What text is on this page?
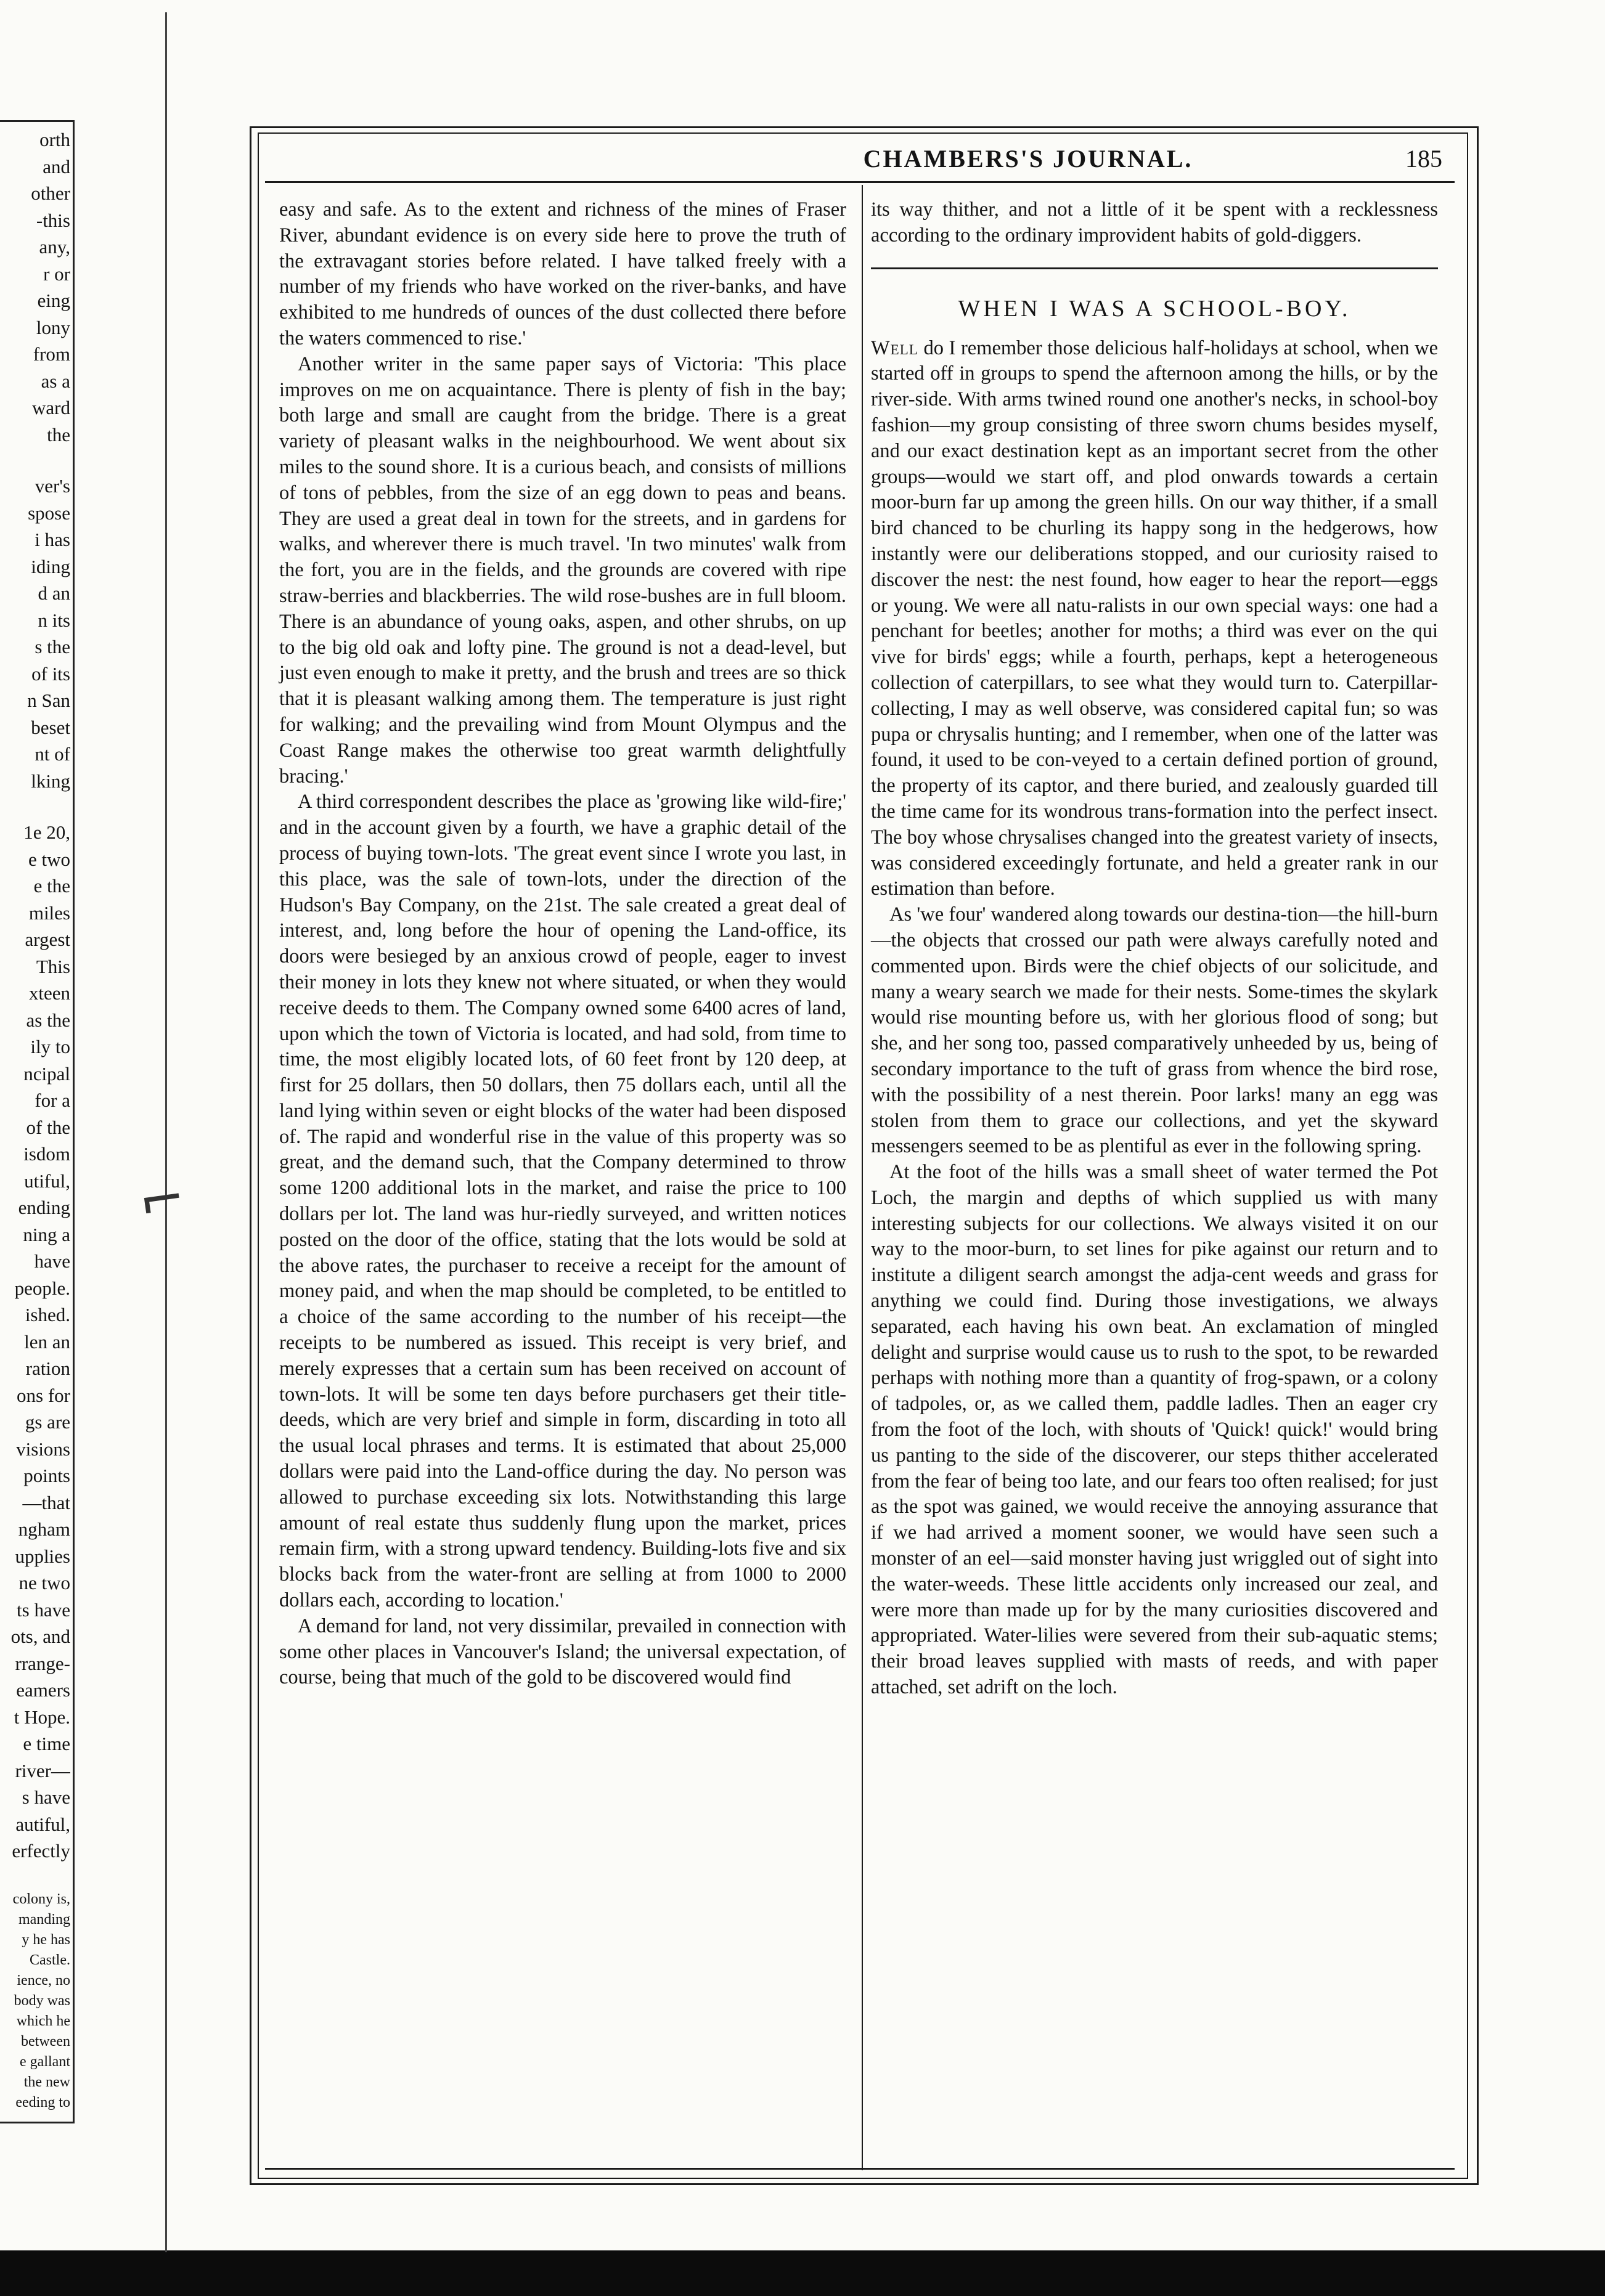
orth
and
other
-this
any,
r or
eing
lony
from
as a
ward
the
ver's
spose
i has
iding
d an
n its
s the
of its
n San
beset
nt of
lking
1e 20,
e two
e the
miles
argest
This
xteen
as the
ily to
ncipal
for a
of the
isdom
utiful,
ending
ning a
have
people.
ished.
len an
ration
ons for
gs are
visions
points
—that
ngham
upplies
ne two
ts have
ots, and
rrange-
eamers
t Hope.
e time
river—
s have
autiful,
erfectly
colony is,
manding
y he has
Castle.
ience, no
body was
which he
between
e gallant
the new
eeding to
⌐
CHAMBERS'S JOURNAL.	185

easy and safe. As to the extent and richness of the mines of Fraser River, abundant evidence is on every side here to prove the truth of the extravagant stories before related. I have talked freely with a number of my friends who have worked on the river-banks, and have exhibited to me hundreds of ounces of the dust collected there before the waters commenced to rise.'

Another writer in the same paper says of Victoria: 'This place improves on me on acquaintance. There is plenty of fish in the bay; both large and small are caught from the bridge. There is a great variety of pleasant walks in the neighbourhood. We went about six miles to the sound shore. It is a curious beach, and consists of millions of tons of pebbles, from the size of an egg down to peas and beans. They are used a great deal in town for the streets, and in gardens for walks, and wherever there is much travel. 'In two minutes' walk from the fort, you are in the fields, and the grounds are covered with ripe straw-berries and blackberries. The wild rose-bushes are in full bloom. There is an abundance of young oaks, aspen, and other shrubs, on up to the big old oak and lofty pine. The ground is not a dead-level, but just even enough to make it pretty, and the brush and trees are so thick that it is pleasant walking among them. The temperature is just right for walking; and the prevailing wind from Mount Olympus and the Coast Range makes the otherwise too great warmth delightfully bracing.'

A third correspondent describes the place as 'growing like wild-fire;' and in the account given by a fourth, we have a graphic detail of the process of buying town-lots. 'The great event since I wrote you last, in this place, was the sale of town-lots, under the direction of the Hudson's Bay Company, on the 21st. The sale created a great deal of interest, and, long before the hour of opening the Land-office, its doors were besieged by an anxious crowd of people, eager to invest their money in lots they knew not where situated, or when they would receive deeds to them. The Company owned some 6400 acres of land, upon which the town of Victoria is located, and had sold, from time to time, the most eligibly located lots, of 60 feet front by 120 deep, at first for 25 dollars, then 50 dollars, then 75 dollars each, until all the land lying within seven or eight blocks of the water had been disposed of. The rapid and wonderful rise in the value of this property was so great, and the demand such, that the Company determined to throw some 1200 additional lots in the market, and raise the price to 100 dollars per lot. The land was hur-riedly surveyed, and written notices posted on the door of the office, stating that the lots would be sold at the above rates, the purchaser to receive a receipt for the amount of money paid, and when the map should be completed, to be entitled to a choice of the same according to the number of his receipt—the receipts to be numbered as issued. This receipt is very brief, and merely expresses that a certain sum has been received on account of town-lots. It will be some ten days before purchasers get their title-deeds, which are very brief and simple in form, discarding in toto all the usual local phrases and terms. It is estimated that about 25,000 dollars were paid into the Land-office during the day. No person was allowed to purchase exceeding six lots. Notwithstanding this large amount of real estate thus suddenly flung upon the market, prices remain firm, with a strong upward tendency. Building-lots five and six blocks back from the water-front are selling at from 1000 to 2000 dollars each, according to location.'

A demand for land, not very dissimilar, prevailed in connection with some other places in Vancouver's Island; the universal expectation, of course, being that much of the gold to be discovered would find

its way thither, and not a little of it be spent with a recklessness according to the ordinary improvident habits of gold-diggers.

WHEN I WAS A SCHOOL-BOY.

Well do I remember those delicious half-holidays at school, when we started off in groups to spend the afternoon among the hills, or by the river-side. With arms twined round one another's necks, in school-boy fashion—my group consisting of three sworn chums besides myself, and our exact destination kept as an important secret from the other groups—would we start off, and plod onwards towards a certain moor-burn far up among the green hills. On our way thither, if a small bird chanced to be churling its happy song in the hedgerows, how instantly were our deliberations stopped, and our curiosity raised to discover the nest: the nest found, how eager to hear the report—eggs or young. We were all natu-ralists in our own special ways: one had a penchant for beetles; another for moths; a third was ever on the qui vive for birds' eggs; while a fourth, perhaps, kept a heterogeneous collection of caterpillars, to see what they would turn to. Caterpillar-collecting, I may as well observe, was considered capital fun; so was pupa or chrysalis hunting; and I remember, when one of the latter was found, it used to be con-veyed to a certain defined portion of ground, the property of its captor, and there buried, and zealously guarded till the time came for its wondrous trans-formation into the perfect insect. The boy whose chrysalises changed into the greatest variety of insects, was considered exceedingly fortunate, and held a greater rank in our estimation than before.

As 'we four' wandered along towards our destina-tion—the hill-burn—the objects that crossed our path were always carefully noted and commented upon. Birds were the chief objects of our solicitude, and many a weary search we made for their nests. Some-times the skylark would rise mounting before us, with her glorious flood of song; but she, and her song too, passed comparatively unheeded by us, being of secondary importance to the tuft of grass from whence the bird rose, with the possibility of a nest therein. Poor larks! many an egg was stolen from them to grace our collections, and yet the skyward messengers seemed to be as plentiful as ever in the following spring.

At the foot of the hills was a small sheet of water termed the Pot Loch, the margin and depths of which supplied us with many interesting subjects for our collections. We always visited it on our way to the moor-burn, to set lines for pike against our return and to institute a diligent search amongst the adja-cent weeds and grass for anything we could find. During those investigations, we always separated, each having his own beat. An exclamation of mingled delight and surprise would cause us to rush to the spot, to be rewarded perhaps with nothing more than a quantity of frog-spawn, or a colony of tadpoles, or, as we called them, paddle ladles. Then an eager cry from the foot of the loch, with shouts of 'Quick! quick!' would bring us panting to the side of the discoverer, our steps thither accelerated from the fear of being too late, and our fears too often realised; for just as the spot was gained, we would receive the annoying assurance that if we had arrived a moment sooner, we would have seen such a monster of an eel—said monster having just wriggled out of sight into the water-weeds. These little accidents only increased our zeal, and were more than made up for by the many curiosities discovered and appropriated. Water-lilies were severed from their sub-aquatic stems; their broad leaves supplied with masts of reeds, and with paper attached, set adrift on the loch.
